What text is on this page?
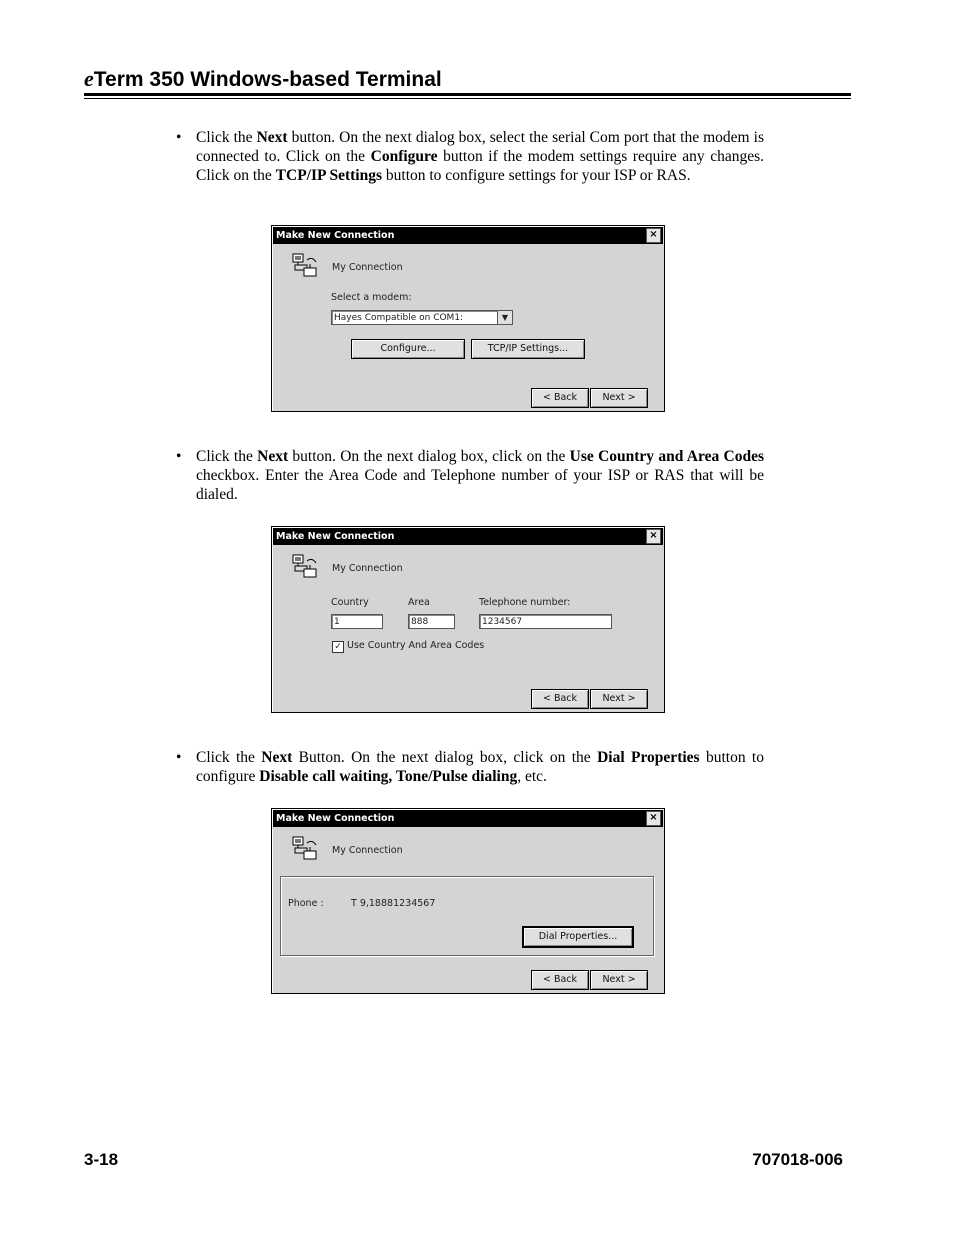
eTerm 350 Windows-based Terminal
• Click the Next button. On the next dialog box, select the serial Com port that the modem is connected to. Click on the Configure button if the modem settings require any changes. Click on the TCP/IP Settings button to configure settings for your ISP or RAS.
Make New Connection	×
My Connection
Select a modem:
Hayes Compatible on COM1:	▼
Configure...	TCP/IP Settings...
< Back	Next >
• Click the Next button. On the next dialog box, click on the Use Country and Area Codes checkbox. Enter the Area Code and Telephone number of your ISP or RAS that will be dialed.
Make New Connection	×
My Connection
Country	Area	Telephone number:
1	888	1234567
✓ Use Country And Area Codes
< Back	Next >
• Click the Next Button. On the next dialog box, click on the Dial Properties button to configure Disable call waiting, Tone/Pulse dialing, etc.
Make New Connection	×
My Connection
Phone :	T 9,18881234567
Dial Properties...
< Back	Next >
3-18	707018-006
